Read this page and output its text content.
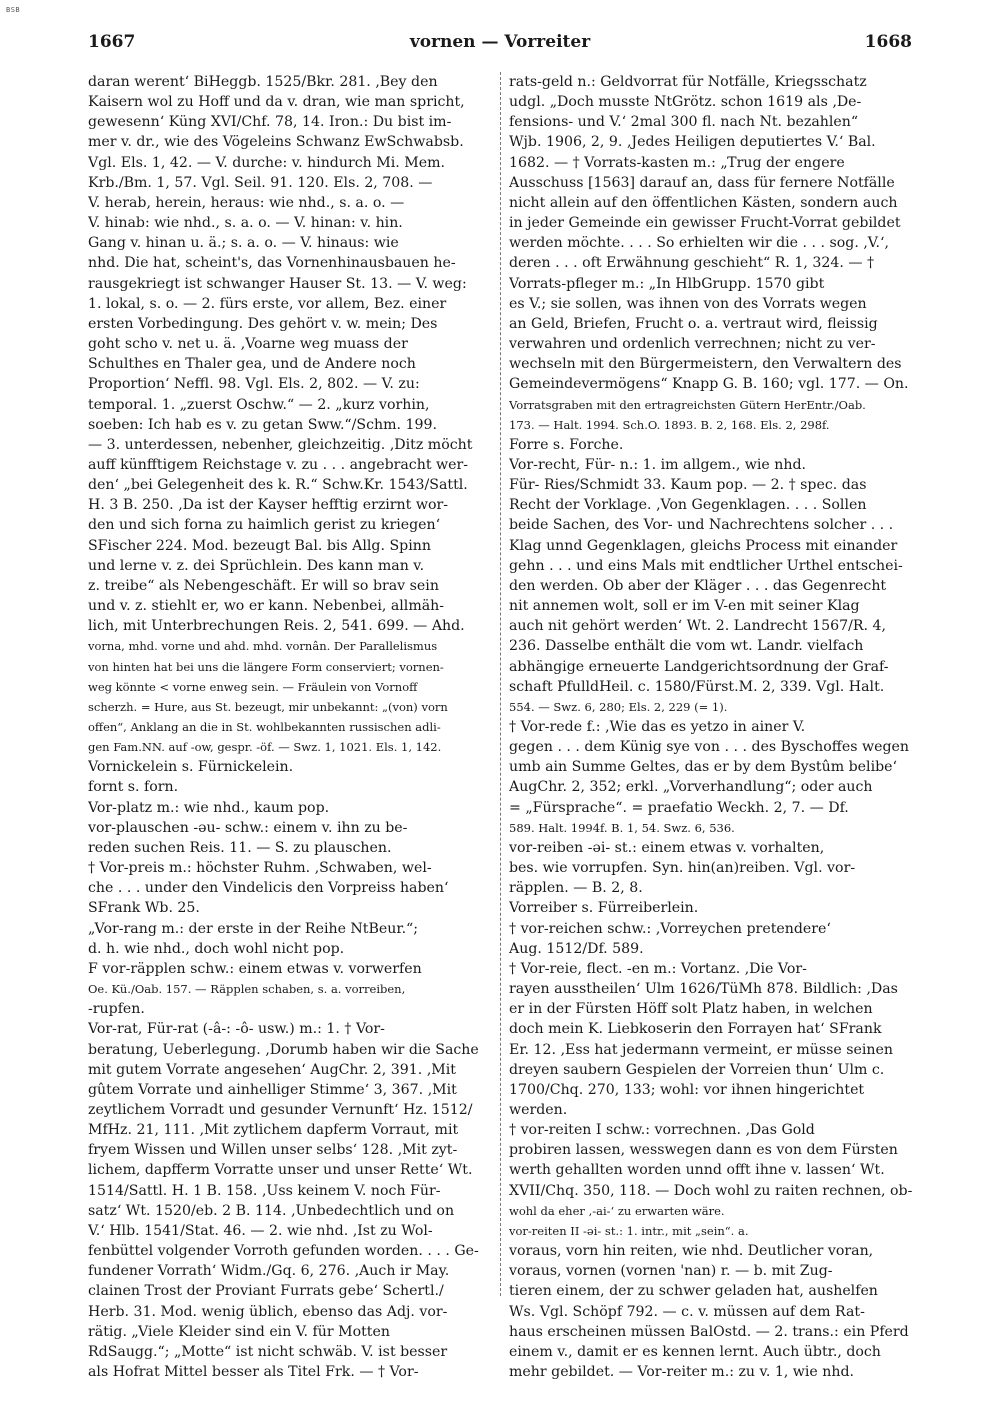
BSB
1667	vornen — Vorreiter	1668
daran werent‘ BiHeggb. 1525/Bkr. 281. ‚Bey den
Kaisern wol zu Hoff und da v. dran, wie man spricht,
gewesenn‘ Küng XVI/Chf. 78, 14. Iron.: Du bist im-
mer v. dr., wie des Vögeleins Schwanz EwSchwabsb.
Vgl. Els. 1, 42. — V. durche: v. hindurch Mi. Mem.
Krb./Bm. 1, 57. Vgl. Seil. 91. 120. Els. 2, 708. —
V. herab, herein, heraus: wie nhd., s. a. o. —
V. hinab: wie nhd., s. a. o. — V. hinan: v. hin.
Gang v. hinan u. ä.; s. a. o. — V. hinaus: wie
nhd. Die hat, scheint's, das Vornenhinausbauen he-
rausgekriegt ist schwanger Hauser St. 13. — V. weg:
1. lokal, s. o. — 2. fürs erste, vor allem, Bez. einer
ersten Vorbedingung. Des gehört v. w. mein; Des
goht scho v. net u. ä. ‚Voarne weg muass der
Schulthes en Thaler gea, und de Andere noch
Proportion‘ Neffl. 98. Vgl. Els. 2, 802. — V. zu:
temporal. 1. „zuerst Oschw.“ — 2. „kurz vorhin,
soeben: Ich hab es v. zu getan Sww.“/Schm. 199.
— 3. unterdessen, nebenher, gleichzeitig. ‚Ditz möcht
auff künfftigem Reichstage v. zu . . . angebracht wer-
den‘ „bei Gelegenheit des k. R.“ Schw.Kr. 1543/Sattl.
H. 3 B. 250. ‚Da ist der Kayser hefftig erzirnt wor-
den und sich forna zu haimlich gerist zu kriegen‘
SFischer 224. Mod. bezeugt Bal. bis Allg. Spinn
und lerne v. z. dei Sprüchlein. Des kann man v.
z. treibe“ als Nebengeschäft. Er will so brav sein
und v. z. stiehlt er, wo er kann. Nebenbei, allmäh-
lich, mit Unterbrechungen Reis. 2, 541. 699. — Ahd.
vorna, mhd. vorne und ahd. mhd. vornân. Der Parallelismus
von hinten hat bei uns die längere Form conserviert; vornen-
weg könnte < vorne enweg sein. — Fräulein von Vornoff
scherzh. = Hure, aus St. bezeugt, mir unbekannt: „(von) vorn
offen“, Anklang an die in St. wohlbekannten russischen adli-
gen Fam.NN. auf -ow, gespr. -öf. — Swz. 1, 1021. Els. 1, 142.
Vornickelein s. Fürnickelein.
fornt s. forn.
Vor-platz m.: wie nhd., kaum pop.
vor-plauschen -əu- schw.: einem v. ihn zu be-
reden suchen Reis. 11. — S. zu plauschen.
† Vor-preis m.: höchster Ruhm. ‚Schwaben, wel-
che . . . under den Vindelicis den Vorpreiss haben‘
SFrank Wb. 25.
„Vor-rang m.: der erste in der Reihe NtBeur.“;
d. h. wie nhd., doch wohl nicht pop.
F vor-räpplen schw.: einem etwas v. vorwerfen
Oe. Kü./Oab. 157. — Räpplen schaben, s. a. vorreiben,
-rupfen.
Vor-rat, Für-rat (-â-: -ô- usw.) m.: 1. † Vor-
beratung, Ueberlegung. ‚Dorumb haben wir die Sache
mit gutem Vorrate angesehen‘ AugChr. 2, 391. ‚Mit
gûtem Vorrate und ainhelliger Stimme‘ 3, 367. ‚Mit
zeytlichem Vorradt und gesunder Vernunft‘ Hz. 1512/
MfHz. 21, 111. ‚Mit zytlichem dapferm Vorraut, mit
fryem Wissen und Willen unser selbs‘ 128. ‚Mit zyt-
lichem, dapfferm Vorratte unser und unser Rette‘ Wt.
1514/Sattl. H. 1 B. 158. ‚Uss keinem V. noch Für-
satz‘ Wt. 1520/eb. 2 B. 114. ‚Unbedechtlich und on
V.‘ Hlb. 1541/Stat. 46. — 2. wie nhd. ‚Ist zu Wol-
fenbüttel volgender Vorroth gefunden worden. . . . Ge-
fundener Vorrath‘ Widm./Gq. 6, 276. ‚Auch ir May.
clainen Trost der Proviant Furrats gebe‘ Schertl./
Herb. 31. Mod. wenig üblich, ebenso das Adj. vor-
rätig. „Viele Kleider sind ein V. für Motten
RdSaugg.“; „Motte“ ist nicht schwäb. V. ist besser
als Hofrat Mittel besser als Titel Frk. — † Vor-
rats-geld n.: Geldvorrat für Notfälle, Kriegsschatz
udgl. „Doch musste NtGrötz. schon 1619 als ‚De-
fensions- und V.‘ 2mal 300 fl. nach Nt. bezahlen“
Wjb. 1906, 2, 9. ‚Jedes Heiligen deputiertes V.‘ Bal.
1682. — † Vorrats-kasten m.: „Trug der engere
Ausschuss [1563] darauf an, dass für fernere Notfälle
nicht allein auf den öffentlichen Kästen, sondern auch
in jeder Gemeinde ein gewisser Frucht-Vorrat gebildet
werden möchte. . . . So erhielten wir die . . . sog. ‚V.‘,
deren . . . oft Erwähnung geschieht“ R. 1, 324. — †
Vorrats-pfleger m.: „In HlbGrupp. 1570 gibt
es V.; sie sollen, was ihnen von des Vorrats wegen
an Geld, Briefen, Frucht o. a. vertraut wird, fleissig
verwahren und ordenlich verrechnen; nicht zu ver-
wechseln mit den Bürgermeistern, den Verwaltern des
Gemeindevermögens“ Knapp G. B. 160; vgl. 177. — On.
Vorratsgraben mit den ertragreichsten Gütern HerEntr./Oab.
173. — Halt. 1994. Sch.O. 1893. B. 2, 168. Els. 2, 298f.
Forre s. Forche.
Vor-recht, Für- n.: 1. im allgem., wie nhd.
Für- Ries/Schmidt 33. Kaum pop. — 2. † spec. das
Recht der Vorklage. ‚Von Gegenklagen. . . . Sollen
beide Sachen, des Vor- und Nachrechtens solcher . . .
Klag unnd Gegenklagen, gleichs Process mit einander
gehn . . . und eins Mals mit endtlicher Urthel entschei-
den werden. Ob aber der Kläger . . . das Gegenrecht
nit annemen wolt, soll er im V-en mit seiner Klag
auch nit gehört werden‘ Wt. 2. Landrecht 1567/R. 4,
236. Dasselbe enthält die vom wt. Landr. vielfach
abhängige erneuerte Landgerichtsordnung der Graf-
schaft PfulldHeil. c. 1580/Fürst.M. 2, 339. Vgl. Halt.
554. — Swz. 6, 280; Els. 2, 229 (= 1).
† Vor-rede f.: ‚Wie das es yetzo in ainer V.
gegen . . . dem Künig sye von . . . des Byschoffes wegen
umb ain Summe Geltes, das er by dem Bystûm belibe‘
AugChr. 2, 352; erkl. „Vorverhandlung“; oder auch
= „Fürsprache“. = praefatio Weckh. 2, 7. — Df.
589. Halt. 1994f. B. 1, 54. Swz. 6, 536.
vor-reiben -əi- st.: einem etwas v. vorhalten,
bes. wie vorrupfen. Syn. hin(an)reiben. Vgl. vor-
räpplen. — B. 2, 8.
Vorreiber s. Fürreiberlein.
† vor-reichen schw.: ‚Vorreychen pretendere‘
Aug. 1512/Df. 589.
† Vor-reie, flect. -en m.: Vortanz. ‚Die Vor-
rayen ausstheilen‘ Ulm 1626/TüMh 878. Bildlich: ‚Das
er in der Fürsten Höff solt Platz haben, in welchen
doch mein K. Liebkoserin den Forrayen hat‘ SFrank
Er. 12. ‚Ess hat jedermann vermeint, er müsse seinen
dreyen saubern Gespielen der Vorreien thun‘ Ulm c.
1700/Chq. 270, 133; wohl: vor ihnen hingerichtet
werden.
† vor-reiten I schw.: vorrechnen. ‚Das Gold
probiren lassen, wesswegen dann es von dem Fürsten
werth gehallten worden unnd offt ihne v. lassen‘ Wt.
XVII/Chq. 350, 118. — Doch wohl zu raiten rechnen, ob-
wohl da eher ‚-ai-‘ zu erwarten wäre.
vor-reiten II -əi- st.: 1. intr., mit „sein“. a.
voraus, vorn hin reiten, wie nhd. Deutlicher voran,
voraus, vornen (vornen 'nan) r. — b. mit Zug-
tieren einem, der zu schwer geladen hat, aushelfen
Ws. Vgl. Schöpf 792. — c. v. müssen auf dem Rat-
haus erscheinen müssen BalOstd. — 2. trans.: ein Pferd
einem v., damit er es kennen lernt. Auch übtr., doch
mehr gebildet. — Vor-reiter m.: zu v. 1, wie nhd.
